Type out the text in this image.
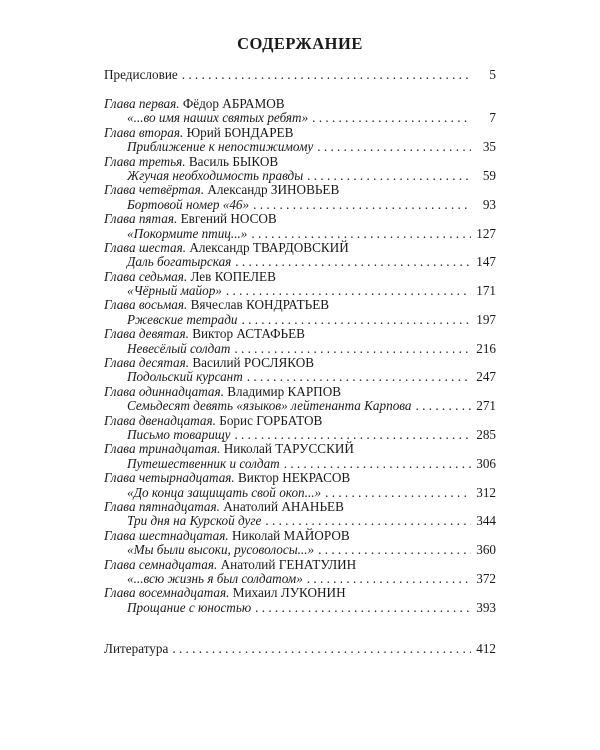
СОДЕРЖАНИЕ
Предисловие . . .	5
Глава первая.
Фёдор
АБРАМОВ
«...во имя наших святых ребят» . . .	7
Глава вторая.
Юрий
БОНДАРЕВ
Приближение к непостижимому . . .	35
Глава третья.
Василь
БЫКОВ
Жгучая необходимость правды . . .	59
Глава четвёртая.
Александр
ЗИНОВЬЕВ
Бортовой номер «46» . . .	93
Глава пятая.
Евгений
НОСОВ
«Покормите птиц...» . . .	127
Глава шестая.
Александр
ТВАРДОВСКИЙ
Даль богатырская . . .	147
Глава седьмая.
Лев
КОПЕЛЕВ
«Чёрный майор» . . .	171
Глава восьмая.
Вячеслав
КОНДРАТЬЕВ
Ржевские тетради . . .	197
Глава девятая.
Виктор
АСТАФЬЕВ
Невесёлый солдат . . .	216
Глава десятая.
Василий
РОСЛЯКОВ
Подольский курсант . . .	247
Глава одиннадцатая.
Владимир
КАРПОВ
Семьдесят девять «языков» лейтенанта Карпова . . .	271
Глава двенадцатая.
Борис
ГОРБАТОВ
Письмо товарищу . . .	285
Глава тринадцатая.
Николай
ТАРУССКИЙ
Путешественник и солдат . . .	306
Глава четырнадцатая.
Виктор
НЕКРАСОВ
«До конца защищать свой окоп...» . . .	312
Глава пятнадцатая.
Анатолий
АНАНЬЕВ
Три дня на Курской дуге . . .	344
Глава шестнадцатая.
Николай
МАЙОРОВ
«Мы были высоки, русоволосы...» . . .	360
Глава семнадцатая.
Анатолий
ГЕНАТУЛИН
«...всю жизнь я был солдатом» . . .	372
Глава восемнадцатая.
Михаил
ЛУКОНИН
Прощание с юностью . . .	393
Литература . . .	412
